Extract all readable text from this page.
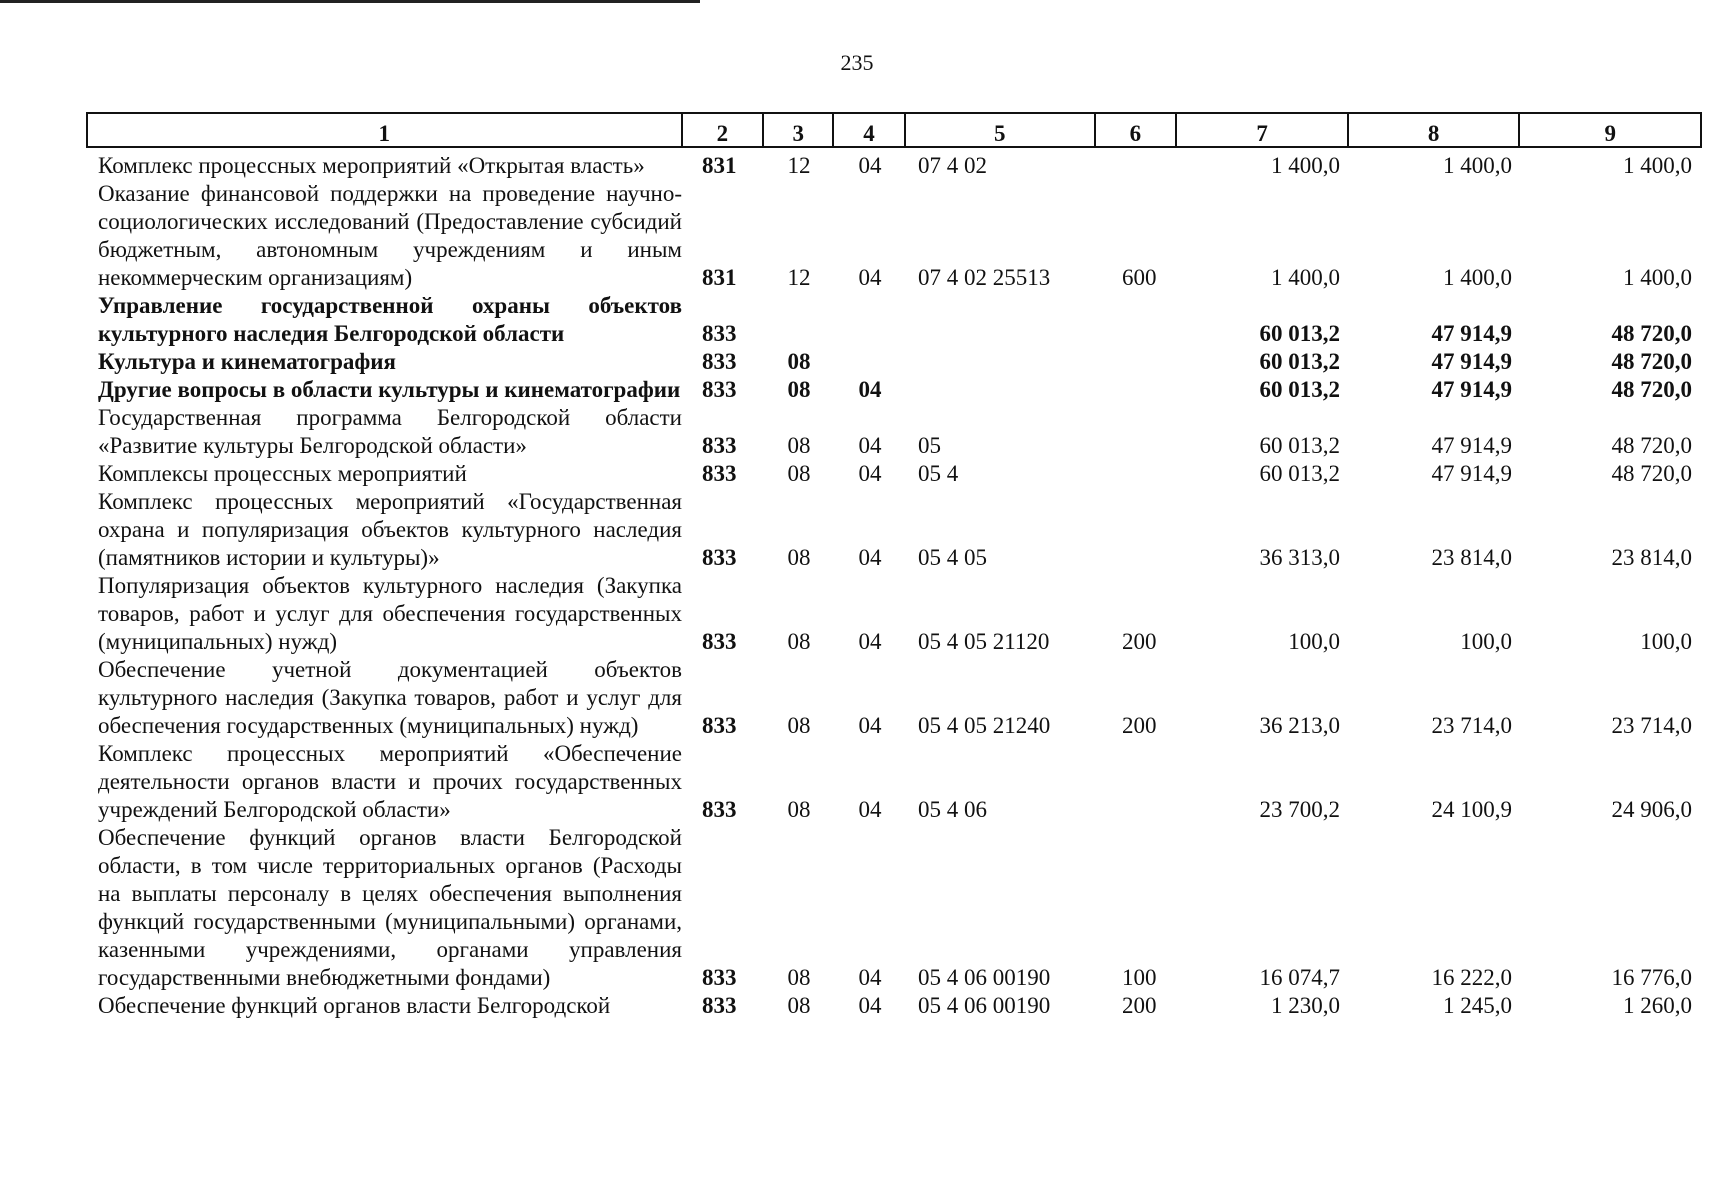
235
1	2	3	4	5	6	7	8	9
Комплекс процессных мероприятий «Открытая власть»	831	12	04	07 4 02		1 400,0	1 400,0	1 400,0
Оказание финансовой поддержки на проведение научно-социологических исследований (Предоставление субсидий бюджетным, автономным учреждениям и иным некоммерческим организациям)	831	12	04	07 4 02 25513	600	1 400,0	1 400,0	1 400,0
Управление государственной охраны объектов культурного наследия Белгородской области	833					60 013,2	47 914,9	48 720,0
Культура и кинематография	833	08				60 013,2	47 914,9	48 720,0
Другие вопросы в области культуры и кинематографии	833	08	04			60 013,2	47 914,9	48 720,0
Государственная программа Белгородской области «Развитие культуры Белгородской области»	833	08	04	05		60 013,2	47 914,9	48 720,0
Комплексы процессных мероприятий	833	08	04	05 4		60 013,2	47 914,9	48 720,0
Комплекс процессных мероприятий «Государственная охрана и популяризация объектов культурного наследия (памятников истории и культуры)»	833	08	04	05 4 05		36 313,0	23 814,0	23 814,0
Популяризация объектов культурного наследия (Закупка товаров, работ и услуг для обеспечения государственных (муниципальных) нужд)	833	08	04	05 4 05 21120	200	100,0	100,0	100,0
Обеспечение учетной документацией объектов культурного наследия (Закупка товаров, работ и услуг для обеспечения государственных (муниципальных) нужд)	833	08	04	05 4 05 21240	200	36 213,0	23 714,0	23 714,0
Комплекс процессных мероприятий «Обеспечение деятельности органов власти и прочих государственных учреждений Белгородской области»	833	08	04	05 4 06		23 700,2	24 100,9	24 906,0
Обеспечение функций органов власти Белгородской области, в том числе территориальных органов (Расходы на выплаты персоналу в целях обеспечения выполнения функций государственными (муниципальными) органами, казенными учреждениями, органами управления государственными внебюджетными фондами)	833	08	04	05 4 06 00190	100	16 074,7	16 222,0	16 776,0
Обеспечение функций органов власти Белгородской	833	08	04	05 4 06 00190	200	1 230,0	1 245,0	1 260,0
